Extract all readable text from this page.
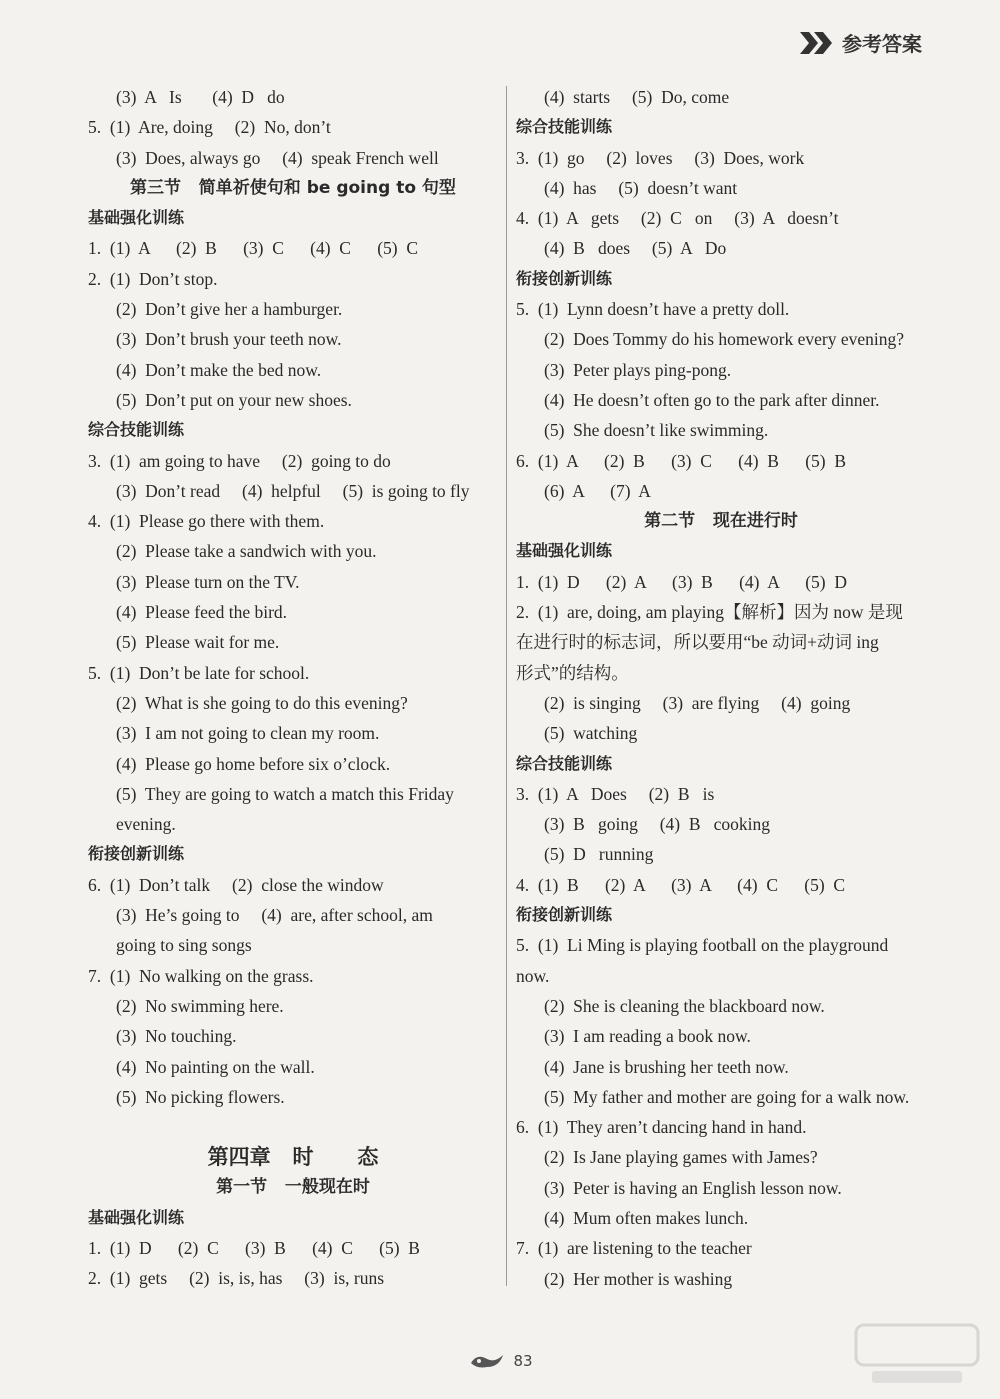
参考答案
(3)  A   Is       (4)  D   do
5.  (1)  Are, doing     (2)  No, don’t
(3)  Does, always go     (4)  speak French well
第三节   简单祈使句和 be going to 句型
基础强化训练
1.  (1)  A      (2)  B      (3)  C      (4)  C      (5)  C
2.  (1)  Don’t stop.
(2)  Don’t give her a hamburger.
(3)  Don’t brush your teeth now.
(4)  Don’t make the bed now.
(5)  Don’t put on your new shoes.
综合技能训练
3.  (1)  am going to have     (2)  going to do
(3)  Don’t read     (4)  helpful     (5)  is going to fly
4.  (1)  Please go there with them.
(2)  Please take a sandwich with you.
(3)  Please turn on the TV.
(4)  Please feed the bird.
(5)  Please wait for me.
5.  (1)  Don’t be late for school.
(2)  What is she going to do this evening?
(3)  I am not going to clean my room.
(4)  Please go home before six o’clock.
(5)  They are going to watch a match this Friday
evening.
衔接创新训练
6.  (1)  Don’t talk     (2)  close the window
(3)  He’s going to     (4)  are, after school, am
going to sing songs
7.  (1)  No walking on the grass.
(2)  No swimming here.
(3)  No touching.
(4)  No painting on the wall.
(5)  No picking flowers.
第四章   时      态
第一节   一般现在时
基础强化训练
1.  (1)  D      (2)  C      (3)  B      (4)  C      (5)  B
2.  (1)  gets     (2)  is, is, has     (3)  is, runs
(4)  starts     (5)  Do, come
综合技能训练
3.  (1)  go     (2)  loves     (3)  Does, work
(4)  has     (5)  doesn’t want
4.  (1)  A   gets     (2)  C   on     (3)  A   doesn’t
(4)  B   does     (5)  A   Do
衔接创新训练
5.  (1)  Lynn doesn’t have a pretty doll.
(2)  Does Tommy do his homework every evening?
(3)  Peter plays ping-pong.
(4)  He doesn’t often go to the park after dinner.
(5)  She doesn’t like swimming.
6.  (1)  A      (2)  B      (3)  C      (4)  B      (5)  B
(6)  A      (7)  A
第二节   现在进行时
基础强化训练
1.  (1)  D      (2)  A      (3)  B      (4)  A      (5)  D
2.  (1)  are, doing, am playing【解析】因为 now 是现
在进行时的标志词，所以要用“be 动词+动词 ing
形式”的结构。
(2)  is singing     (3)  are flying     (4)  going
(5)  watching
综合技能训练
3.  (1)  A   Does     (2)  B   is
(3)  B   going     (4)  B   cooking
(5)  D   running
4.  (1)  B      (2)  A      (3)  A      (4)  C      (5)  C
衔接创新训练
5.  (1)  Li Ming is playing football on the playground
now.
(2)  She is cleaning the blackboard now.
(3)  I am reading a book now.
(4)  Jane is brushing her teeth now.
(5)  My father and mother are going for a walk now.
6.  (1)  They aren’t dancing hand in hand.
(2)  Is Jane playing games with James?
(3)  Peter is having an English lesson now.
(4)  Mum often makes lunch.
7.  (1)  are listening to the teacher
(2)  Her mother is washing
83
